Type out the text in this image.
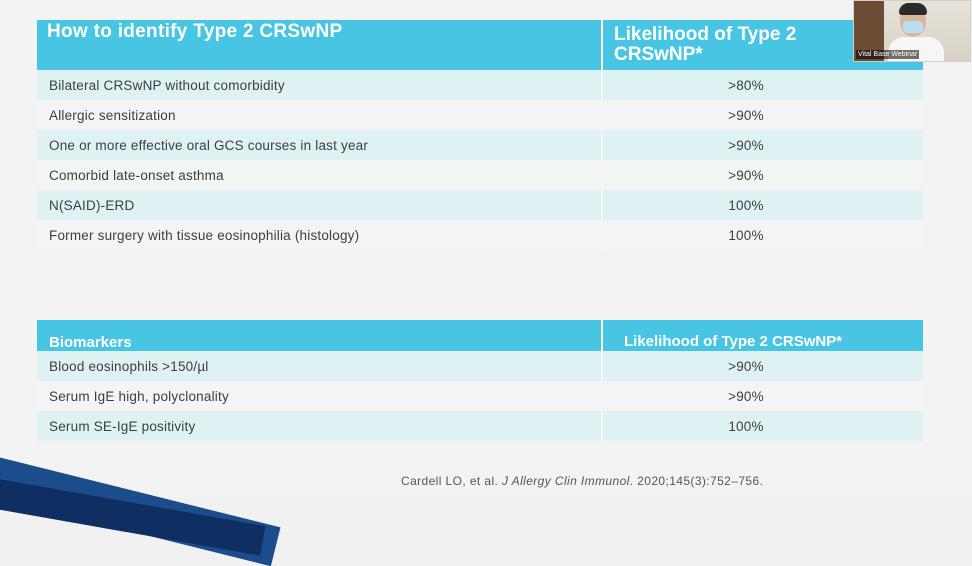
How to identify Type 2 CRSwNP	Likelihood of Type 2 CRSwNP*
Bilateral CRSwNP without comorbidity	>80%
Allergic sensitization	>90%
One or more effective oral GCS courses in last year	>90%
Comorbid late-onset asthma	>90%
N(SAID)-ERD	100%
Former surgery with tissue eosinophilia (histology)	100%
Biomarkers	Likelihood of Type 2 CRSwNP*
Blood eosinophils >150/µl	>90%
Serum IgE high, polyclonality	>90%
Serum SE-IgE positivity	100%
Cardell LO, et al. J Allergy Clin Immunol. 2020;145(3):752–756.
Vital Base Webinar
